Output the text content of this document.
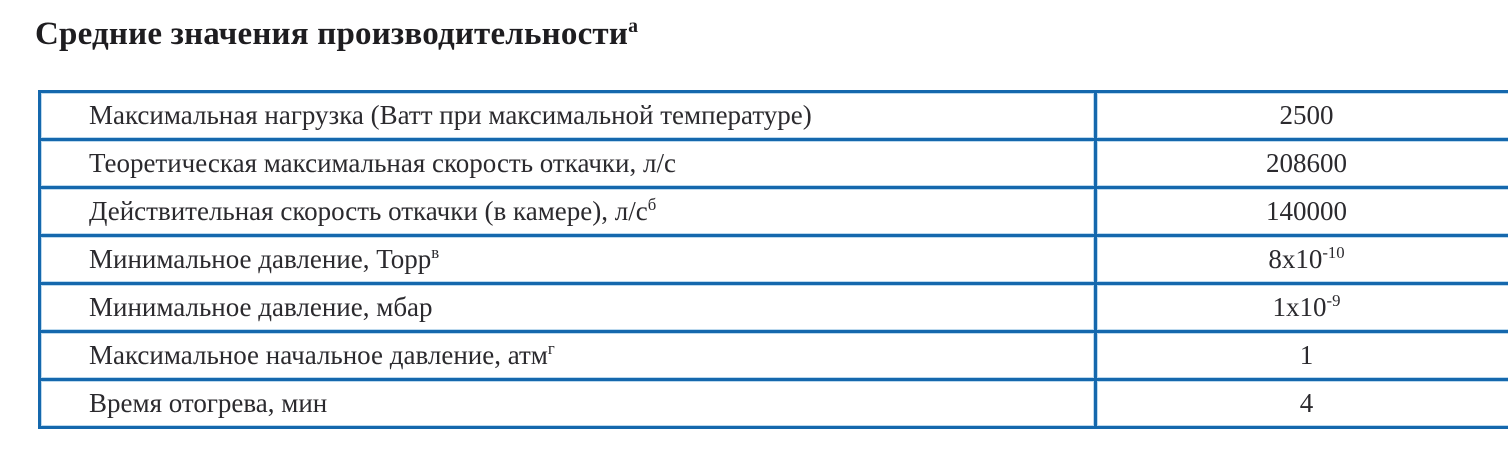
Средние значения производительности$^а$
Максимальная нагрузка (Ватт при максимальной температуре)	2500
Теоретическая максимальная скорость откачки, л/с	208600
Действительная скорость откачки (в камере), $л/с^б$	140000
Минимальное давление, Торр$^в$	$8x10^{-10}$
Минимальное давление, мбар	$1x10^{-9}$
Максимальное начальное давление, атм$^г$	1
Время отогрева, мин	4
